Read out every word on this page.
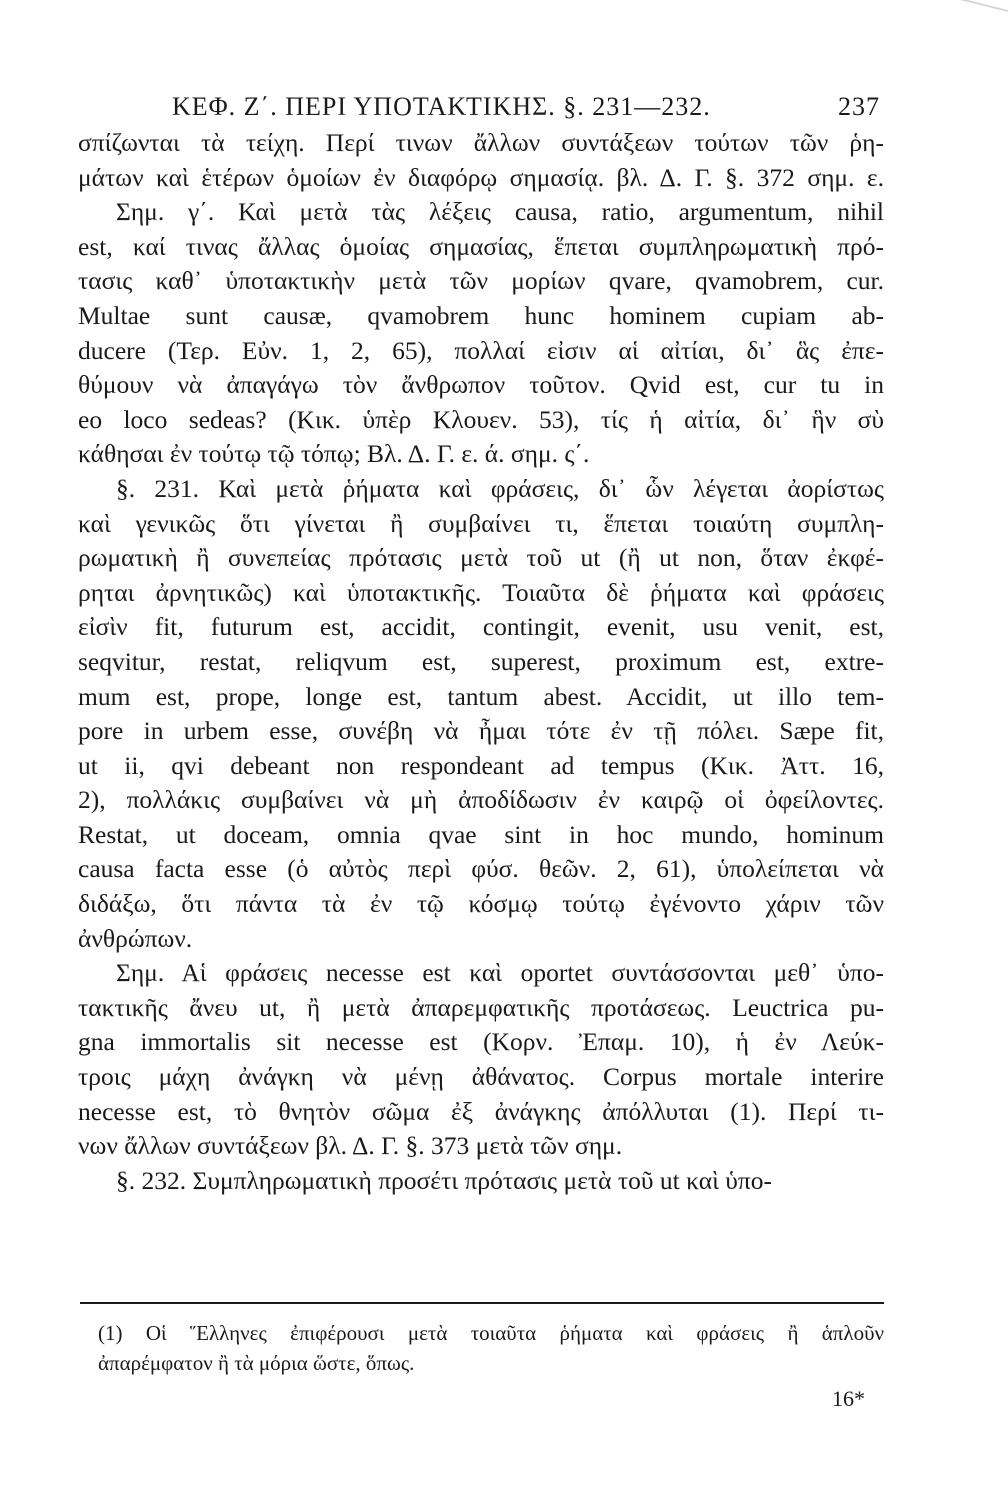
ΚΕΦ. Ζ΄. ΠΕΡΙ ΥΠΟΤΑΚΤΙΚΗΣ. §. 231—232.	237
σπίζωνται τὰ τείχη. Περί τινων ἄλλων συντάξεων τούτων τῶν ῥη-
μάτων καὶ ἑτέρων ὁμοίων ἐν διαφόρῳ σημασίᾳ. βλ. Δ. Γ. §. 372 σημ. ε.
Σημ. γ΄. Καὶ μετὰ τὰς λέξεις causa, ratio, argumentum, nihil
est, καί τινας ἄλλας ὁμοίας σημασίας, ἕπεται συμπληρωματικὴ πρό-
τασις καθ᾽ ὑποτακτικὴν μετὰ τῶν μορίων qvare, qvamobrem, cur.
Multae sunt causæ, qvamobrem hunc hominem cupiam ab-
ducere (Τερ. Εὐν. 1, 2, 65), πολλαί εἰσιν αἱ αἰτίαι, δι᾽ ἃς ἐπε-
θύμουν νὰ ἀπαγάγω τὸν ἄνθρωπον τοῦτον. Qvid est, cur tu in
eo loco sedeas? (Κικ. ὑπὲρ Κλουεν. 53), τίς ἡ αἰτία, δι᾽ ἣν σὺ
κάθησαι ἐν τούτῳ τῷ τόπῳ; Βλ. Δ. Γ. ε. ά. σημ. ς΄.
§. 231. Καὶ μετὰ ῥήματα καὶ φράσεις, δι᾽ ὧν λέγεται ἀορίστως
καὶ γενικῶς ὅτι γίνεται ἢ συμβαίνει τι, ἕπεται τοιαύτη συμπλη-
ρωματικὴ ἢ συνεπείας πρότασις μετὰ τοῦ ut (ἢ ut non, ὅταν ἐκφέ-
ρηται ἀρνητικῶς) καὶ ὑποτακτικῆς. Τοιαῦτα δὲ ῥήματα καὶ φράσεις
εἰσὶν fit, futurum est, accidit, contingit, evenit, usu venit, est,
seqvitur, restat, reliqvum est, superest, proximum est, extre-
mum est, prope, longe est, tantum abest. Accidit, ut illo tem-
pore in urbem esse, συνέβη νὰ ἦμαι τότε ἐν τῇ πόλει. Sæpe fit,
ut ii, qvi debeant non respondeant ad tempus (Κικ. Ἀττ. 16,
2), πολλάκις συμβαίνει νὰ μὴ ἀποδίδωσιν ἐν καιρῷ οἱ ὀφείλοντες.
Restat, ut doceam, omnia qvae sint in hoc mundo, hominum
causa facta esse (ὁ αὐτὸς περὶ φύσ. θεῶν. 2, 61), ὑπολείπεται νὰ
διδάξω, ὅτι πάντα τὰ ἐν τῷ κόσμῳ τούτῳ ἐγένοντο χάριν τῶν
ἀνθρώπων.
Σημ. Αἱ φράσεις necesse est καὶ oportet συντάσσονται μεθ᾽ ὑπο-
τακτικῆς ἄνευ ut, ἢ μετὰ ἀπαρεμφατικῆς προτάσεως. Leuctrica pu-
gna immortalis sit necesse est (Κορν. Ἐπαμ. 10), ἡ ἐν Λεύκ-
τροις μάχη ἀνάγκη νὰ μένῃ ἀθάνατος. Corpus mortale interire
necesse est, τὸ θνητὸν σῶμα ἐξ ἀνάγκης ἀπόλλυται (1). Περί τι-
νων ἄλλων συντάξεων βλ. Δ. Γ. §. 373 μετὰ τῶν σημ.
§. 232. Συμπληρωματικὴ προσέτι πρότασις μετὰ τοῦ ut καὶ ὑπο-
(1) Οἱ Ἕλληνες ἐπιφέρουσι μετὰ τοιαῦτα ῥήματα καὶ φράσεις ἢ ἁπλοῦν
ἀπαρέμφατον ἢ τὰ μόρια ὥστε, ὅπως.
16*
